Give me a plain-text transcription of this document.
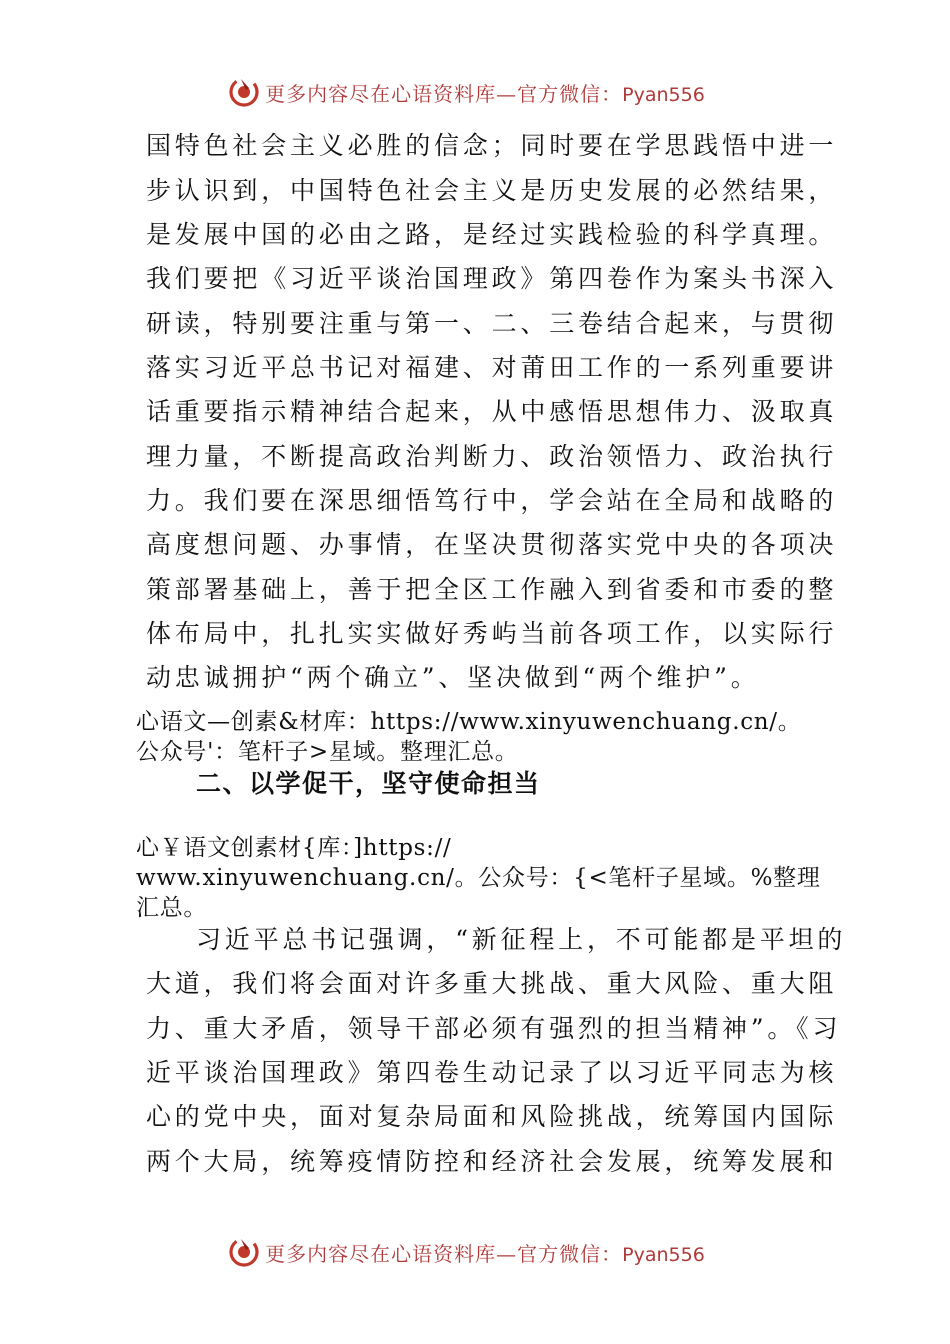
更多内容尽在心语资料库—官方微信：Pyan556
国特色社会主义必胜的信念；同时要在学思践悟中进一
步认识到，中国特色社会主义是历史发展的必然结果，
是发展中国的必由之路，是经过实践检验的科学真理。
我们要把《习近平谈治国理政》第四卷作为案头书深入
研读，特别要注重与第一、二、三卷结合起来，与贯彻
落实习近平总书记对福建、对莆田工作的一系列重要讲
话重要指示精神结合起来，从中感悟思想伟力、汲取真
理力量，不断提高政治判断力、政治领悟力、政治执行
力。我们要在深思细悟笃行中，学会站在全局和战略的
高度想问题、办事情，在坚决贯彻落实党中央的各项决
策部署基础上，善于把全区工作融入到省委和市委的整
体布局中，扎扎实实做好秀屿当前各项工作，以实际行
动忠诚拥护“两个确立”、坚决做到“两个维护”。
心语文—创素&材库：https://www.xinyuwenchuang.cn/。
公众号'：笔杆子>星域。整理汇总。
二、以学促干，坚守使命担当
心￥语文创素材{库：]https://
www.xinyuwenchuang.cn/。公众号：{<笔杆子星域。%整理
汇总。
习近平总书记强调，“新征程上，不可能都是平坦的
大道，我们将会面对许多重大挑战、重大风险、重大阻
力、重大矛盾，领导干部必须有强烈的担当精神”。《习
近平谈治国理政》第四卷生动记录了以习近平同志为核
心的党中央，面对复杂局面和风险挑战，统筹国内国际
两个大局，统筹疫情防控和经济社会发展，统筹发展和
更多内容尽在心语资料库—官方微信：Pyan556
